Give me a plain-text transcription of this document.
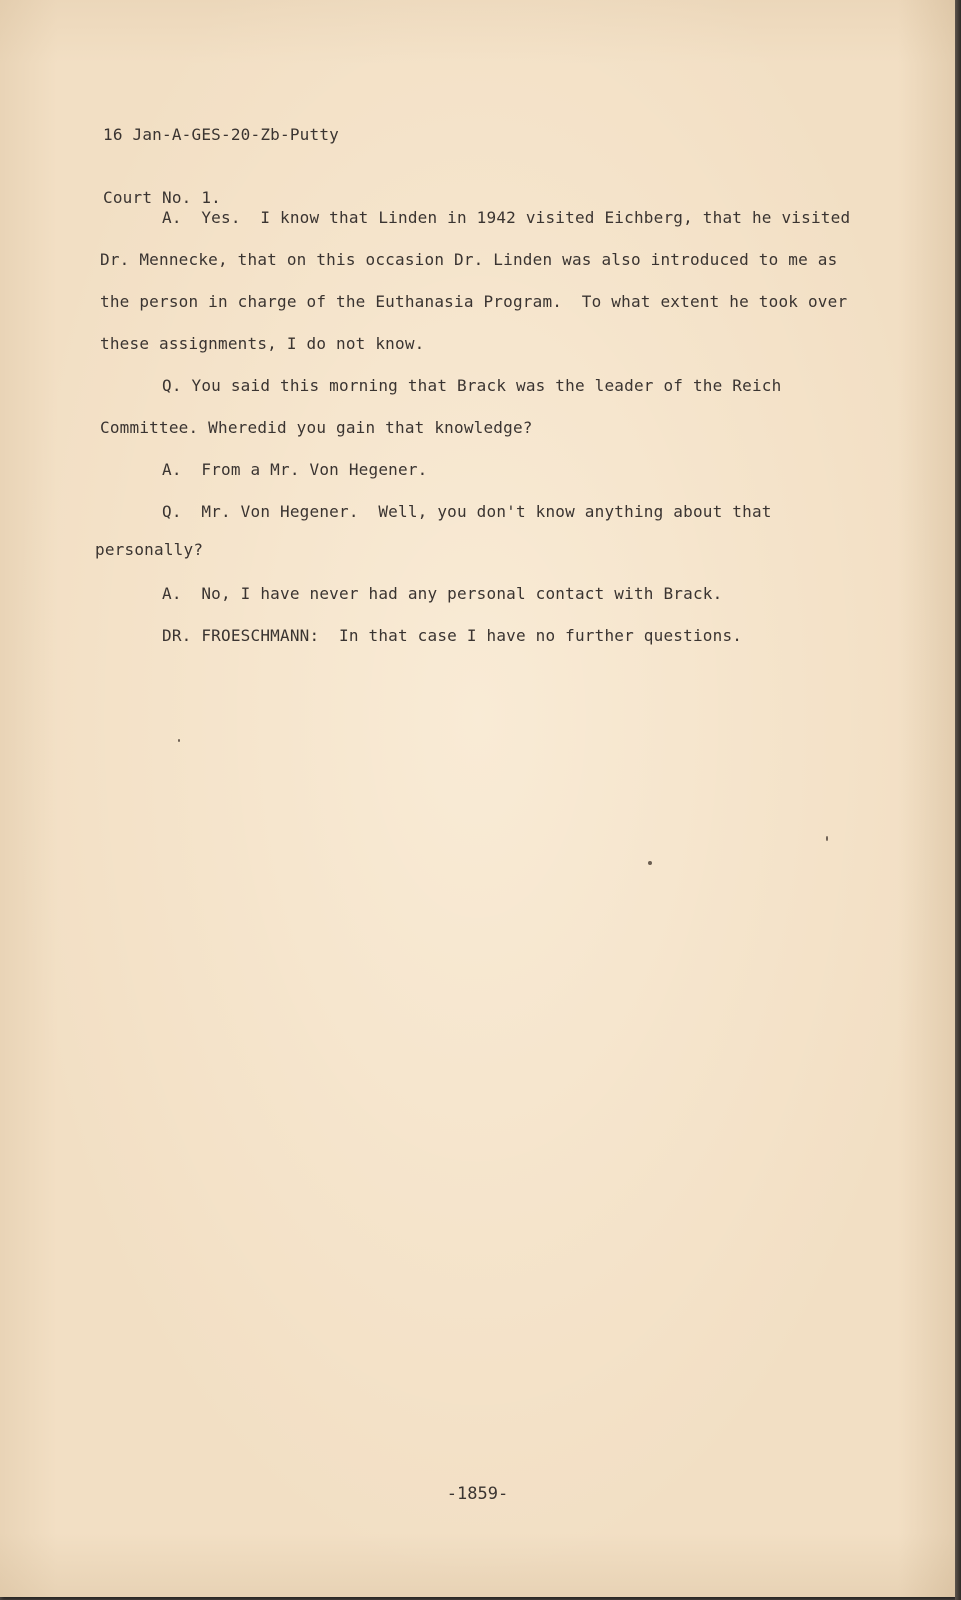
16 Jan-A-GES-20-Zb-Putty

Court No. 1.

A.  Yes.  I know that Linden in 1942 visited Eichberg, that he visited
Dr. Mennecke, that on this occasion Dr. Linden was also introduced to me as
the person in charge of the Euthanasia Program.  To what extent he took over
these assignments, I do not know.
Q. You said this morning that Brack was the leader of the Reich
Committee. Wheredid you gain that knowledge?
A.  From a Mr. Von Hegener.
Q.  Mr. Von Hegener.  Well, you don't know anything about that
personally?
A.  No, I have never had any personal contact with Brack.
DR. FROESCHMANN:  In that case I have no further questions.
-1859-
